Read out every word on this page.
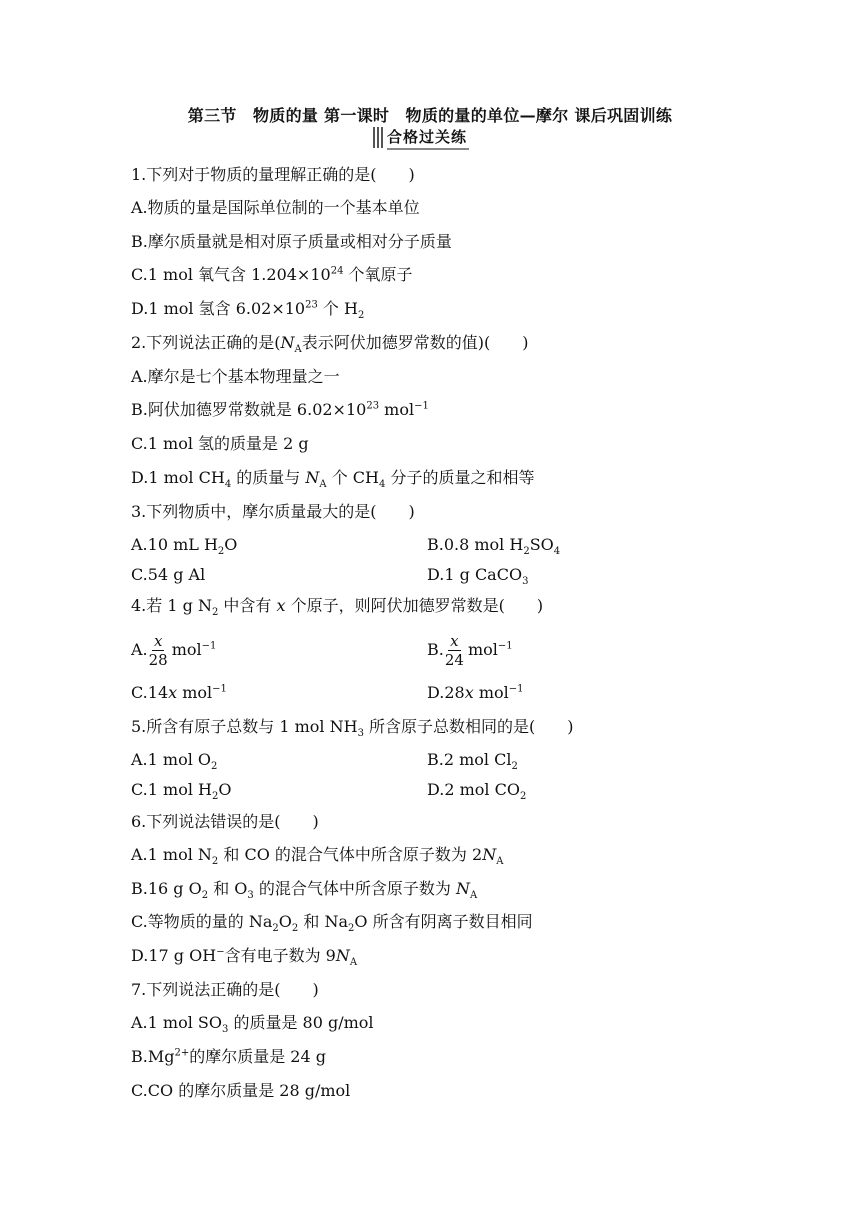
第三节　物质的量 第一课时　物质的量的单位—摩尔 课后巩固训练
合格过关练
1.下列对于物质的量理解正确的是(　　)
A.物质的量是国际单位制的一个基本单位
B.摩尔质量就是相对原子质量或相对分子质量
C.1 mol 氧气含 $1.204\times 10^{24}$ 个氧原子
D.1 mol 氢含 $6.02\times 10^{23}$ 个 $H_2$
2.下列说法正确的是($N_A$表示阿伏加德罗常数的值)(　　)
A.摩尔是七个基本物理量之一
B.阿伏加德罗常数就是 $6.02\times 10^{23}$ mol$^{-1}$
C.1 mol 氢的质量是 2 g
D.1 mol $CH_4$ 的质量与 $N_A$ 个 $CH_4$ 分子的质量之和相等
3.下列物质中，摩尔质量最大的是(　　)
A.10 mL $H_2O$	B.0.8 mol $H_2SO_4$
C.54 g Al	D.1 g CaCO$_3$
4.若 1 g $N_2$ 中含有 x 个原子，则阿伏加德罗常数是(　　)
A. $\frac{x}{28} mol^{-1}$	B. $\frac{x}{24} mol^{-1}$
C.14x mol$^{-1}$	D.28x mol$^{-1}$
5.所含有原子总数与 1 mol $NH_3$ 所含原子总数相同的是(　　)
A.1 mol $O_2$	B.2 mol $Cl_2$
C.1 mol $H_2O$	D.2 mol $CO_2$
6.下列说法错误的是(　　)
A.1 mol $N_2$ 和 CO 的混合气体中所含原子数为 $2N_A$
B.16 g $O_2$ 和 $O_3$ 的混合气体中所含原子数为 $N_A$
C.等物质的量的 $Na_2O_2$ 和 $Na_2O$ 所含有阴离子数目相同
D.17 g OH−含有电子数为 $9N_A$
7.下列说法正确的是(　　)
A.1 mol $SO_3$ 的质量是 80 g/mol
$B.Mg^{2+}$的摩尔质量是 24 g
C.CO 的摩尔质量是 28 g/mol
